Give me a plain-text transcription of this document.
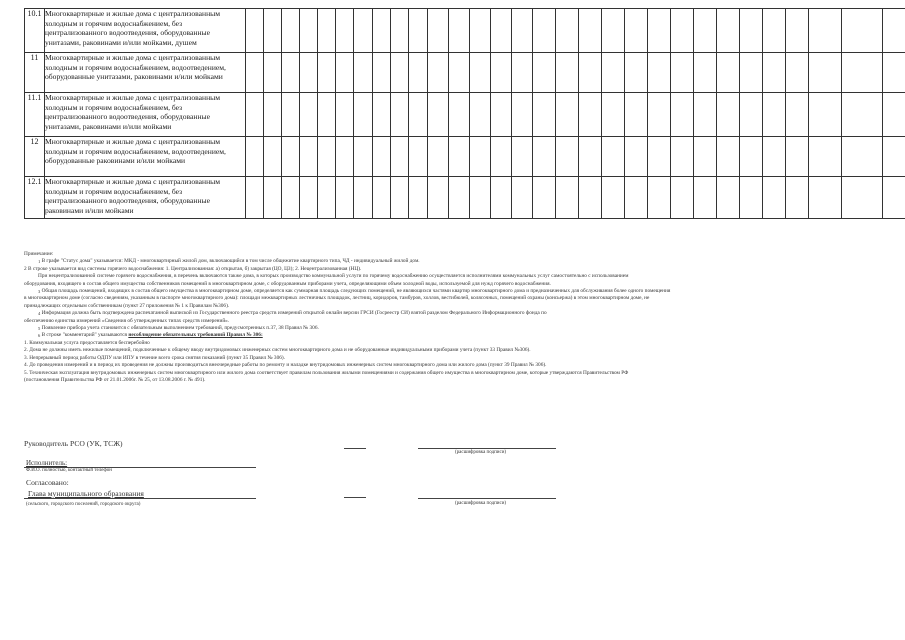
10.1	Многоквартирные и жилые дома с централизованным
холодным и горячим водоснабжением, без
централизованного водоотведения, оборудованные
унитазами, раковинами и/или мойками, душем																														

11	Многоквартирные и жилые дома с централизованным
холодным и горячим водоснабжением, водоотведением,
оборудованные унитазами, раковинами и/или мойками																														

11.1	Многоквартирные и жилые дома с централизованным
холодным и горячим водоснабжением, без
централизованного водоотведения, оборудованные
унитазами, раковинами и/или мойками																														

12	Многоквартирные и жилые дома с централизованным
холодным и горячим водоснабжением, водоотведением,
оборудованные раковинами и/или мойками																														

12.1	Многоквартирные и жилые дома с централизованным
холодным и горячим водоснабжением, без
централизованного водоотведения, оборудованные
раковинами и/или мойками																														

Примечание:

$^1$ В графе "Статус дома" указывается: МКД - многоквартирный жилой дом, включающийся в том числе общежитие квартирного типа, ЧД - индивидуальный жилой дом.

2 В строке указывается вид системы горячего водоснабжения: 1. Централизованная: а) открытая, б) закрытая (ЦО, ЦЗ); 2. Нецентрализованная (НЦ).

При нецентрализованной системе горячего водоснабжения, в перечень включаются также дома, в которых производство коммунальной услуги по горячему водоснабжению осуществляется исполнителями коммунальных услуг самостоятельно с использованием

оборудования, входящего в состав общего имущества собственников помещений в многоквартирном доме, с оборудованным приборами учета, определяющими объем холодной воды, используемой для нужд горячего водоснабжения.

$^3$ Общая площадь помещений, входящих в состав общего имущества в многоквартирном доме, определяется как суммарная площадь следующих помещений, не являющихся частями квартир многоквартирного дома и предназначенных для обслуживания более одного помещения

в многоквартирном доме (согласно сведениям, указанным в паспорте многоквартирного дома): площади межквартирных лестничных площадок, лестниц, коридоров, тамбуров, холлов, вестибюлей, колясочных, помещений охраны (консьержа) в этом многоквартирном доме, не

принадлежащих отдельным собственникам (пункт 27 приложения № 1 к Правилам №306).

$^4$ Информация должна быть подтверждена распечатанной выпиской из Государственного реестра средств измерений открытой онлайн версии ГРСИ (Госреестр СИ) взятой разделом Федерального Информационного фонда по

обеспечению единства измерений «Сведения об утвержденных типах средств измерений».

$^5$ Появление прибора учета становится с обязательным выполнением требований, предусмотренных п.37, 38 Правил № 306.

$^6$ В строке "комментарий" указываются несоблюдение обязательных требований Правил № 306:

1. Коммунальная услуга предоставляется бесперебойно

2. Дома не должны иметь нежилые помещений, подключенные к общему вводу внутридомовых инженерных систем многоквартирного дома и не оборудованные индивидуальными приборами учета (пункт 33 Правил №306).

3. Непрерывный период работы ОДПУ или ИПУ в течение всего срока снятия показаний (пункт 35 Правил № 306).

4. До проведения измерений и в период их проведения не должны производиться внеочередные работы по ремонту и наладке внутридомовых инженерных систем многоквартирного дома или жилого дома (пункт 39 Правил № 306).

5. Техническая эксплуатация внутридомовых инженерных систем многоквартирного или жилого дома соответствует правилам пользования жилыми помещениями и содержания общего имущества в многоквартирном доме, которые утверждаются Правительством РФ

(постановления Правительства РФ от 21.01.2006г. № 25, от 13.08.2006 г. № 491).

Руководитель РСО (УК, ТСЖ)
(расшифровка подписи)
Исполнитель:
Ф.И.О. полностью, контактный телефон
Согласовано:
Глава муниципального образования
(сельского, городского поселений, городского округа)	(расшифровка подписи)
